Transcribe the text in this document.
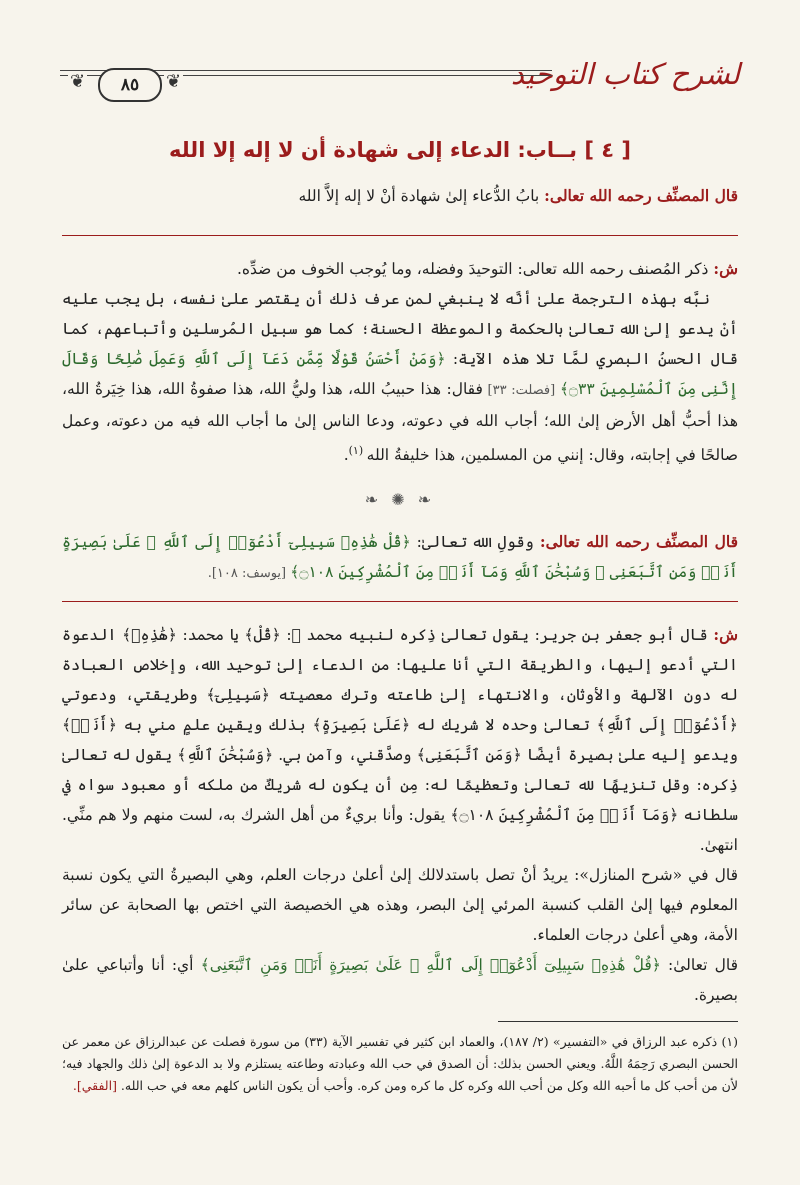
لشرح كتاب التوحيد
❦	٨٥	❦
[ ٤ ] بــاب: الدعاء إلى شهادة أن لا إله إلا الله
قال المصنِّف رحمه الله تعالى: بابُ الدُّعاء إلىٰ شهادة أنْ لا إله إلاَّ الله
ش: ذكر المُصنف رحمه الله تعالى: التوحيدَ وفضله، وما يُوجب الخوف من ضدِّه.
نبَّه بهذه الترجمة علىٰ أنَّه لا ينبغي لمن عرف ذلك أن يقتصر علىٰ نفسه، بل يجب عليه أنْ يدعو إلىٰ الله تعالىٰ بالحكمة والموعظة الحسنة؛ كما هو سبيل المُرسلين وأتباعهم، كما قال الحسنُ البصري لمَّا تلا هذه الآية: ﴿وَمَنْ أَحْسَنُ قَوْلًا مِّمَّن دَعَآ إِلَى ٱللَّهِ وَعَمِلَ صَٰلِحًا وَقَالَ إِنَّنِى مِنَ ٱلْمُسْلِمِينَ ۝٣٣﴾ [فصلت: ٣٣] فقال: هذا حبيبُ الله، هذا وليُّ الله، هذا صفوةُ الله، هذا خِيَرةُ الله، هذا أحبُّ أهل الأرض إلىٰ الله؛ أجاب الله في دعوته، ودعا الناس إلىٰ ما أجاب الله فيه من دعوته، وعمل صالحًا في إجابته، وقال: إنني من المسلمين، هذا خليفةُ الله $^{(١)}$.
❧ ✺ ❧
قال المصنِّف رحمه الله تعالى: وقولِ الله تعالىٰ: ﴿قُلْ هَٰذِهِۦ سَبِيلِىٓ أَدْعُوٓا۟ إِلَى ٱللَّهِ ۚ عَلَىٰ بَصِيرَةٍ أَنَا۠ وَمَنِ ٱتَّبَعَنِى ۖ وَسُبْحَٰنَ ٱللَّهِ وَمَآ أَنَا۠ مِنَ ٱلْمُشْرِكِينَ ۝١٠٨﴾ [يوسف: ١٠٨].
ش: قال أبو جعفر بن جرير: يقول تعالىٰ ذِكره لنبيه محمد ﷺ: ﴿قُلْ﴾ يا محمد: ﴿هَٰذِهِۦ﴾ الدعوة التي أدعو إليها، والطريقة التي أنا عليها: من الدعاء إلىٰ توحيد الله، وإخلاص العبادة له دون الآلهة والأوثان، والانتهاء إلىٰ طاعته وترك معصيته ﴿سَبِيلِىٓ﴾ وطريقتي، ودعوتي ﴿أَدْعُوٓا۟ إِلَى ٱللَّهِ﴾ تعالىٰ وحده لا شريك له ﴿عَلَىٰ بَصِيرَةٍ﴾ بذلك ويقينِ علمٍ مني به ﴿أَنَا۠﴾ ويدعو إليه علىٰ بصيرة أيضًا ﴿وَمَنِ ٱتَّبَعَنِى﴾ وصدَّقني، وآمن بي. ﴿وَسُبْحَٰنَ ٱللَّهِ﴾ يقول له تعالىٰ ذِكره: وقل تنزيهًا لله تعالىٰ وتعظيمًا له: مِن أن يكون له شريكٌ من ملكه أو معبود سواه في سلطانه ﴿وَمَآ أَنَا۠ مِنَ ٱلْمُشْرِكِينَ ۝١٠٨﴾ يقول: وأنا بريءٌ من أهل الشرك به، لست منهم ولا هم منِّي. انتهىٰ.
قال في «شرح المنازل»: يريدُ أنْ تصل باستدلالك إلىٰ أعلىٰ درجات العلم، وهي البصيرةُ التي يكون نسبة المعلوم فيها إلىٰ القلب كنسبة المرئي إلىٰ البصر، وهذه هي الخصيصة التي اختص بها الصحابة عن سائر الأمة، وهي أعلىٰ درجات العلماء.
قال تعالىٰ: ﴿قُلْ هَٰذِهِۦ سَبِيلِىٓ أَدْعُوٓا۟ إِلَى ٱللَّهِ ۚ عَلَىٰ بَصِيرَةٍ أَنَا۠ وَمَنِ ٱتَّبَعَنِى﴾ أي: أنا وأتباعي علىٰ بصيرة.
(١) ذكره عبد الرزاق في «التفسير» (٢/ ١٨٧)، والعماد ابن كثير في تفسير الآية (٣٣) من سورة فصلت عن عبدالرزاق عن معمر عن الحسن البصري رَحِمَهُ اللَّهُ. ويعني الحسن بذلك: أن الصدق في حب الله وعبادته وطاعته يستلزم ولا بد الدعوة إلىٰ ذلك والجهاد فيه؛ لأن من أحب كل ما أحبه الله وكل من أحب الله وكره كل ما كره ومن كره. وأحب أن يكون الناس كلهم معه في حب الله. [الفقي].
